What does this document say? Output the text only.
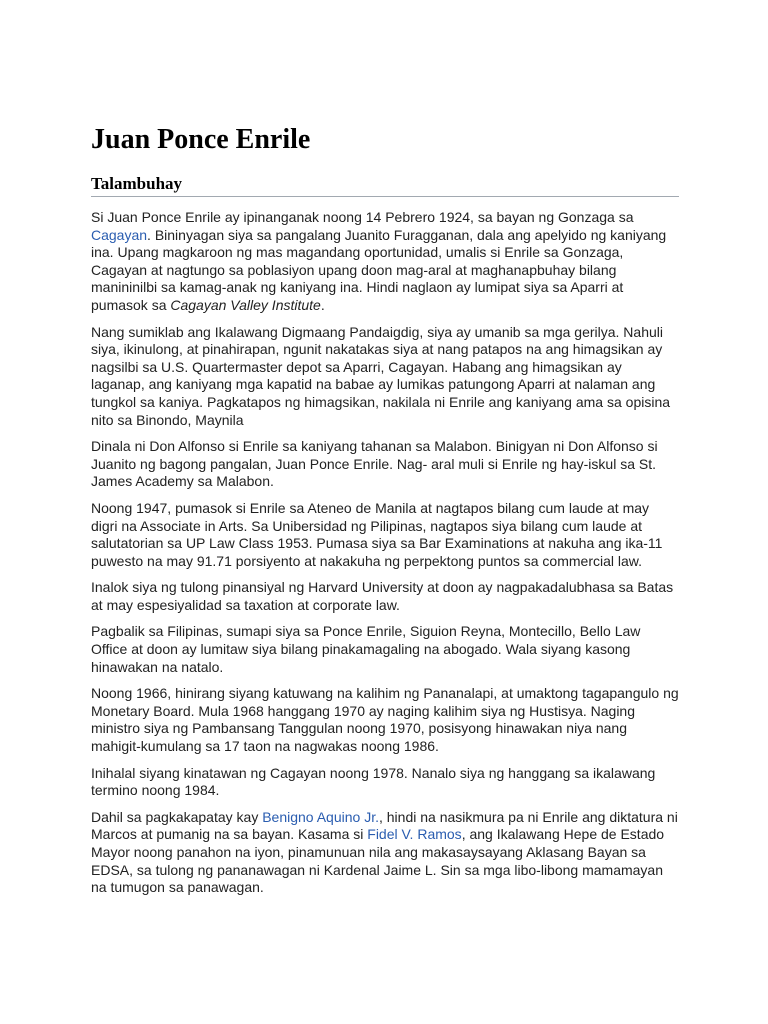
Juan Ponce Enrile
Talambuhay

Si Juan Ponce Enrile ay ipinanganak noong 14 Pebrero 1924, sa bayan ng Gonzaga sa Cagayan. Bininyagan siya sa pangalang Juanito Furagganan, dala ang apelyido ng kaniyang ina. Upang magkaroon ng mas magandang oportunidad, umalis si Enrile sa Gonzaga, Cagayan at nagtungo sa poblasiyon upang doon mag-aral at maghanapbuhay bilang manininilbi sa kamag-anak ng kaniyang ina. Hindi naglaon ay lumipat siya sa Aparri at pumasok sa Cagayan Valley Institute.

Nang sumiklab ang Ikalawang Digmaang Pandaigdig, siya ay umanib sa mga gerilya. Nahuli siya, ikinulong, at pinahirapan, ngunit nakatakas siya at nang patapos na ang himagsikan ay nagsilbi sa U.S. Quartermaster depot sa Aparri, Cagayan. Habang ang himagsikan ay laganap, ang kaniyang mga kapatid na babae ay lumikas patungong Aparri at nalaman ang tungkol sa kaniya. Pagkatapos ng himagsikan, nakilala ni Enrile ang kaniyang ama sa opisina nito sa Binondo, Maynila

Dinala ni Don Alfonso si Enrile sa kaniyang tahanan sa Malabon. Binigyan ni Don Alfonso si Juanito ng bagong pangalan, Juan Ponce Enrile. Nag- aral muli si Enrile ng hay-iskul sa St. James Academy sa Malabon.

Noong 1947, pumasok si Enrile sa Ateneo de Manila at nagtapos bilang cum laude at may digri na Associate in Arts. Sa Unibersidad ng Pilipinas, nagtapos siya bilang cum laude at salutatorian sa UP Law Class 1953. Pumasa siya sa Bar Examinations at nakuha ang ika-11 puwesto na may 91.71 porsiyento at nakakuha ng perpektong puntos sa commercial law.

Inalok siya ng tulong pinansiyal ng Harvard University at doon ay nagpakadalubhasa sa Batas at may espesiyalidad sa taxation at corporate law.

Pagbalik sa Filipinas, sumapi siya sa Ponce Enrile, Siguion Reyna, Montecillo, Bello Law Office at doon ay lumitaw siya bilang pinakamagaling na abogado. Wala siyang kasong hinawakan na natalo.

Noong 1966, hinirang siyang katuwang na kalihim ng Pananalapi, at umaktong tagapangulo ng Monetary Board. Mula 1968 hanggang 1970 ay naging kalihim siya ng Hustisya. Naging ministro siya ng Pambansang Tanggulan noong 1970, posisyong hinawakan niya nang mahigit-kumulang sa 17 taon na nagwakas noong 1986.

Inihalal siyang kinatawan ng Cagayan noong 1978. Nanalo siya ng hanggang sa ikalawang termino noong 1984.

Dahil sa pagkakapatay kay Benigno Aquino Jr., hindi na nasikmura pa ni Enrile ang diktatura ni Marcos at pumanig na sa bayan. Kasama si Fidel V. Ramos, ang Ikalawang Hepe de Estado Mayor noong panahon na iyon, pinamunuan nila ang makasaysayang Aklasang Bayan sa EDSA, sa tulong ng pananawagan ni Kardenal Jaime L. Sin sa mga libo-libong mamamayan na tumugon sa panawagan.
